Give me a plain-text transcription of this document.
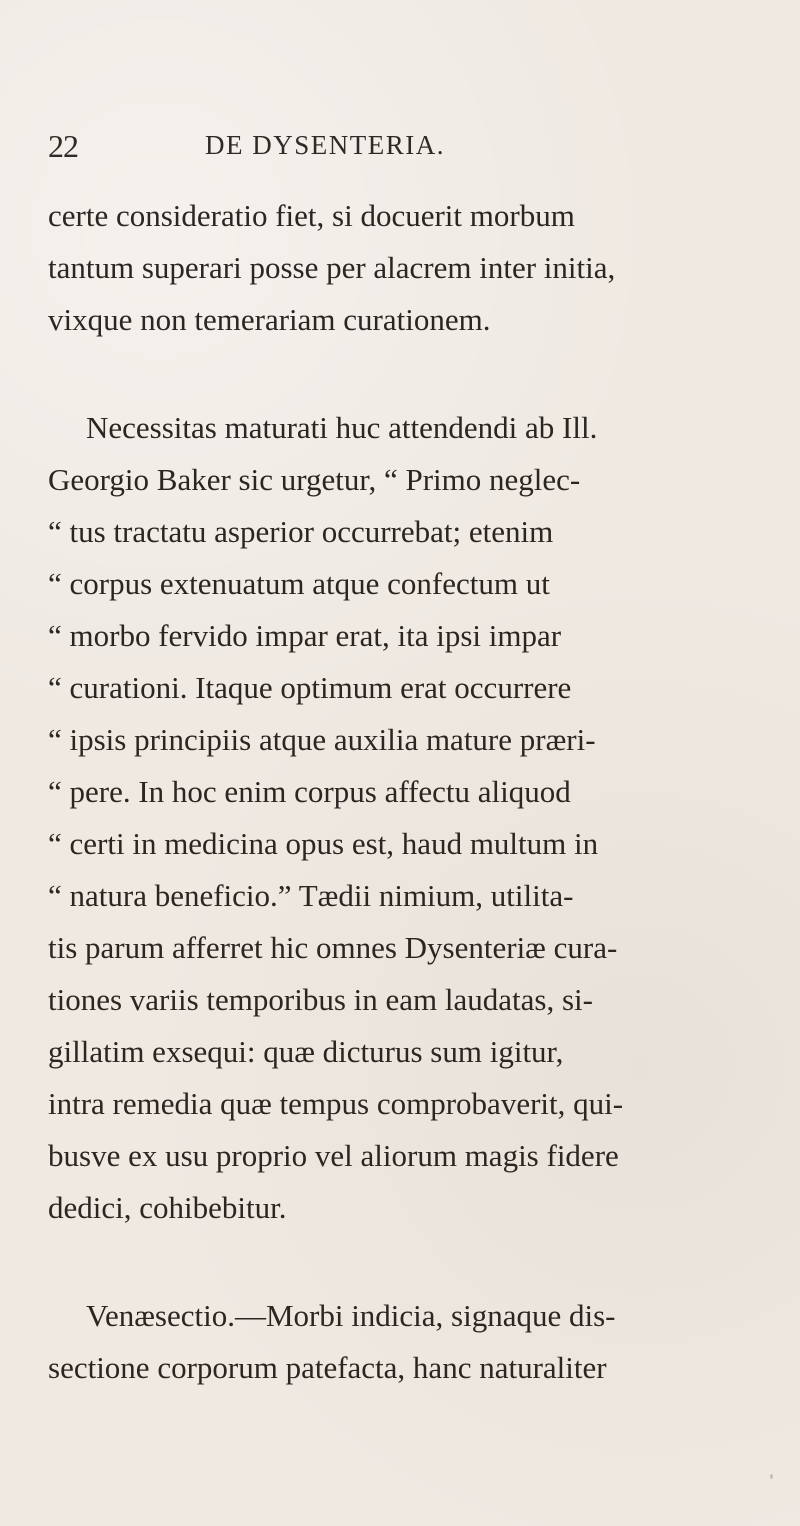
22	DE DYSENTERIA.
certe consideratio fiet, si docuerit morbum
tantum superari posse per alacrem inter initia,
vixque non temerariam curationem.
Necessitas maturati huc attendendi ab Ill.
Georgio Baker sic urgetur, “ Primo neglec-
“ tus tractatu asperior occurrebat; etenim
“ corpus extenuatum atque confectum ut
“ morbo fervido impar erat, ita ipsi impar
“ curationi. Itaque optimum erat occurrere
“ ipsis principiis atque auxilia mature præri-
“ pere. In hoc enim corpus affectu aliquod
“ certi in medicina opus est, haud multum in
“ natura beneficio.” Tædii nimium, utilita-
tis parum afferret hic omnes Dysenteriæ cura-
tiones variis temporibus in eam laudatas, si-
gillatim exsequi: quæ dicturus sum igitur,
intra remedia quæ tempus comprobaverit, qui-
busve ex usu proprio vel aliorum magis fidere
dedici, cohibebitur.
Venæsectio.—Morbi indicia, signaque dis-
sectione corporum patefacta, hanc naturaliter
